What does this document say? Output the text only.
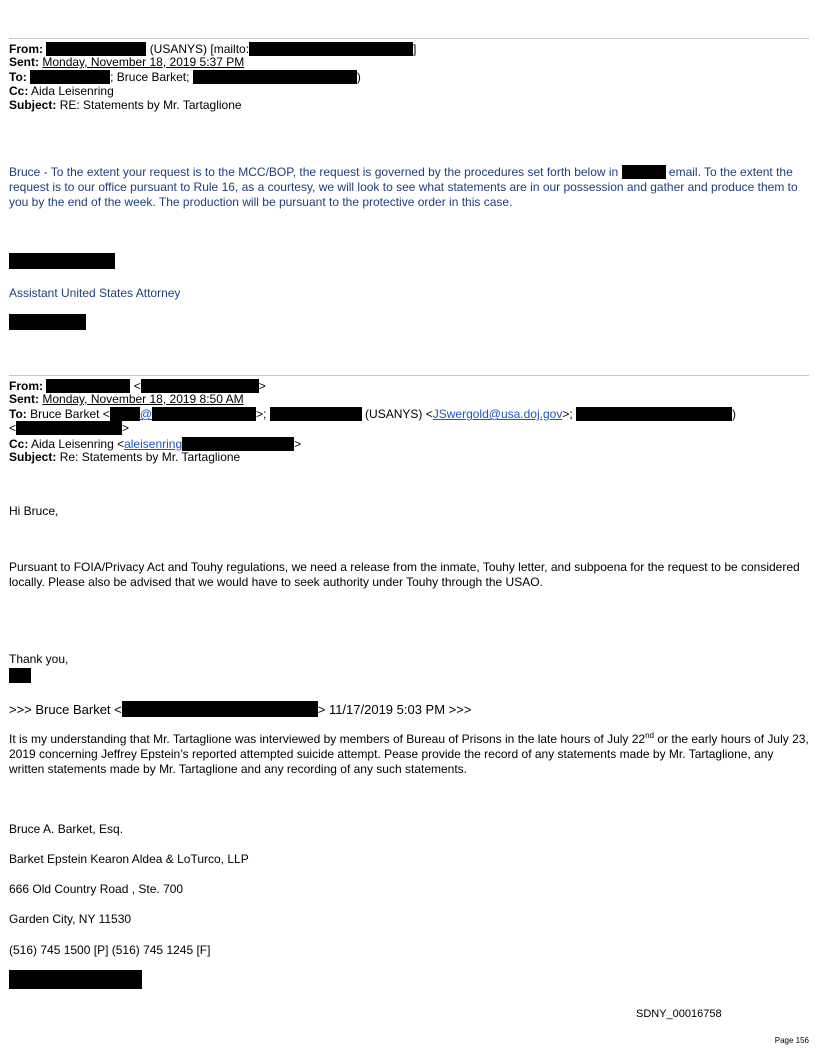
From:	(USANYS) [mailto:	]
Sent: Monday, November 18, 2019 5:37 PM
To:	; Bruce Barket;	)
Cc: Aida Leisenring
Subject: RE: Statements by Mr. Tartaglione
Bruce - To the extent your request is to the MCC/BOP, the request is governed by the procedures set forth below in	email. To the extent the request is to our office pursuant to Rule 16, as a courtesy, we will look to see what statements are in our possession and gather and produce them to you by the end of the week. The production will be pursuant to the protective order in this case.
Assistant United States Attorney
From:	<	>
Sent: Monday, November 18, 2019 8:50 AM
To: Bruce Barket <	@	>;	(USANYS) <JSwergold@usa.doj.gov>;	)
<	>
Cc: Aida Leisenring <aleisenring	>
Subject: Re: Statements by Mr. Tartaglione
Hi Bruce,
Pursuant to FOIA/Privacy Act and Touhy regulations, we need a release from the inmate, Touhy letter, and subpoena for the request to be considered locally. Please also be advised that we would have to seek authority under Touhy through the USAO.
Thank you,
>>> Bruce Barket <	> 11/17/2019 5:03 PM >>>
It is my understanding that Mr. Tartaglione was interviewed by members of Bureau of Prisons in the late hours of July 22nd or the early hours of July 23, 2019 concerning Jeffrey Epstein’s reported attempted suicide attempt. Pease provide the record of any statements made by Mr. Tartaglione, any written statements made by Mr. Tartaglione and any recording of any such statements.
Bruce A. Barket, Esq.
Barket Epstein Kearon Aldea & LoTurco, LLP
666 Old Country Road , Ste. 700
Garden City, NY 11530
(516) 745 1500 [P] (516) 745 1245 [F]
SDNY_00016758
Page 156
